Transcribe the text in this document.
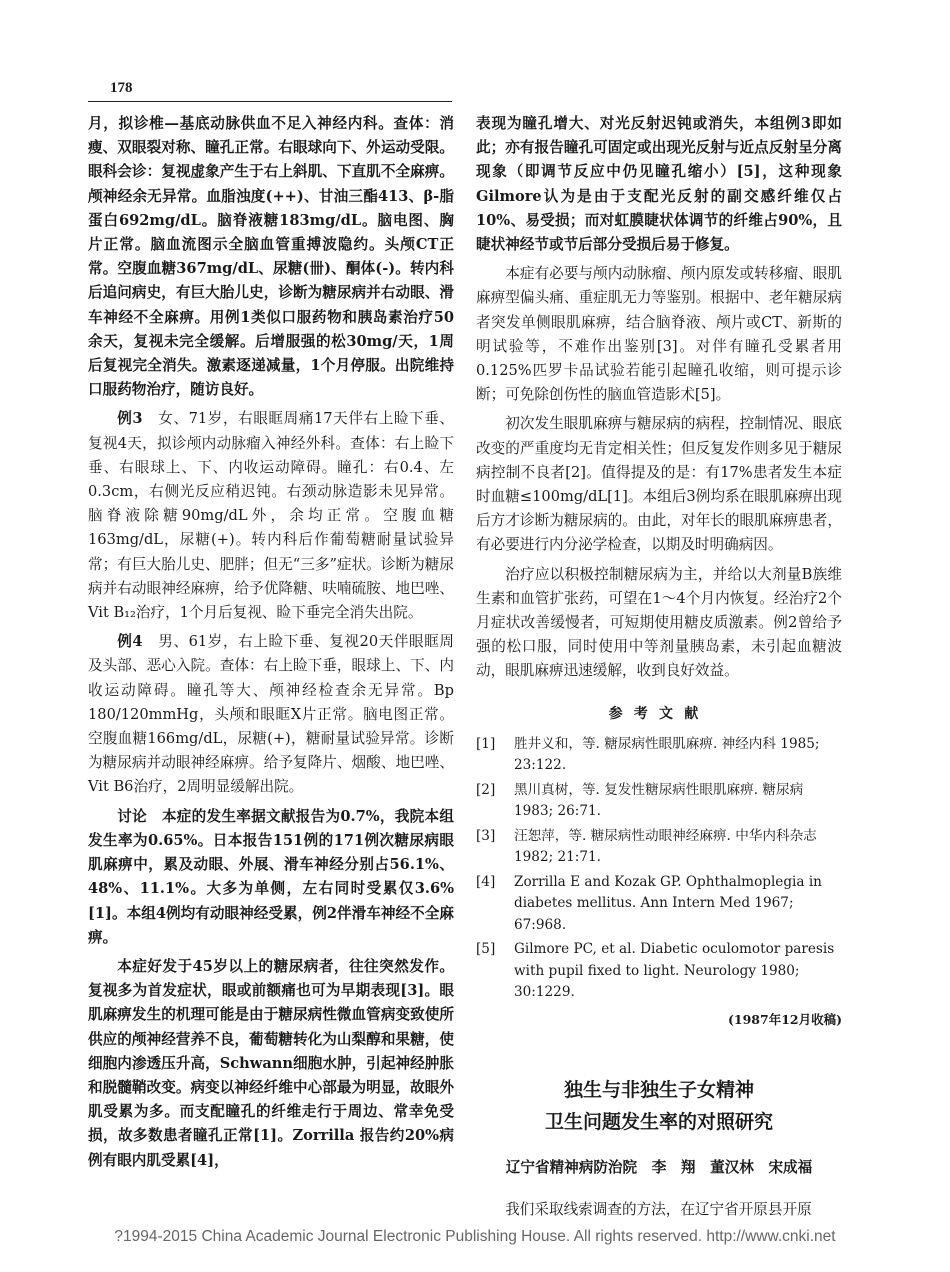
178

月，拟诊椎—基底动脉供血不足入神经内科。查体：消瘦、双眼裂对称、瞳孔正常。右眼球向下、外运动受限。眼科会诊：复视虚象产生于右上斜肌、下直肌不全麻痹。颅神经余无异常。血脂浊度(++)、甘油三酯413、β-脂蛋白692mg/dL。脑脊液糖183mg/dL。脑电图、胸片正常。脑血流图示全脑血管重搏波隐约。头颅CT正常。空腹血糖367mg/dL、尿糖(卌)、酮体(-)。转内科后追问病史，有巨大胎儿史，诊断为糖尿病并右动眼、滑车神经不全麻痹。用例1类似口服药物和胰岛素治疗50余天，复视未完全缓解。后增服强的松30mg/天，1周后复视完全消失。激素逐递减量，1个月停服。出院维持口服药物治疗，随访良好。

例3　 女、71岁，右眼眶周痛17天伴右上睑下垂、复视4天，拟诊颅内动脉瘤入神经外科。查体：右上睑下垂、右眼球上、下、内收运动障碍。瞳孔：右0.4、左0.3cm，右侧光反应稍迟钝。右颈动脉造影未见异常。脑脊液除糖90mg/dL外，余均正常。空腹血糖163mg/dL，尿糖(+)。转内科后作葡萄糖耐量试验异常；有巨大胎儿史、肥胖；但无“三多”症状。诊断为糖尿病并右动眼神经麻痹，给予优降糖、呋喃硫胺、地巴唑、Vit B₁₂治疗，1个月后复视、睑下垂完全消失出院。

例4　 男、61岁，右上睑下垂、复视20天伴眼眶周及头部、恶心入院。查体：右上睑下垂，眼球上、下、内收运动障碍。瞳孔等大、颅神经检查余无异常。Bp 180/120mmHg，头颅和眼眶X片正常。脑电图正常。空腹血糖166mg/dL，尿糖(+)，糖耐量试验异常。诊断为糖尿病并动眼神经麻痹。给予复降片、烟酸、地巴唑、Vit B6治疗，2周明显缓解出院。

讨论　 本症的发生率据文献报告为0.7%，我院本组发生率为0.65%。日本报告151例的171例次糖尿病眼肌麻痹中，累及动眼、外展、滑车神经分别占56.1%、48%、11.1%。大多为单侧，左右同时受累仅3.6%[1]。本组4例均有动眼神经受累，例2伴滑车神经不全麻痹。

本症好发于45岁以上的糖尿病者，往往突然发作。复视多为首发症状，眼或前额痛也可为早期表现[3]。眼肌麻痹发生的机理可能是由于糖尿病性微血管病变致使所供应的颅神经营养不良，葡萄糖转化为山梨醇和果糖，使细胞内渗透压升高，Schwann细胞水肿，引起神经肿胀和脱髓鞘改变。病变以神经纤维中心部最为明显，故眼外肌受累为多。而支配瞳孔的纤维走行于周边、常幸免受损，故多数患者瞳孔正常[1]。Zorrilla 报告约20%病例有眼内肌受累[4]，

表现为瞳孔增大、对光反射迟钝或消失，本组例3即如此；亦有报告瞳孔可固定或出现光反射与近点反射呈分离现象（即调节反应中仍见瞳孔缩小）[5]，这种现象Gilmore认为是由于支配光反射的副交感纤维仅占10%、易受损；而对虹膜睫状体调节的纤维占90%，且睫状神经节或节后部分受损后易于修复。

本症有必要与颅内动脉瘤、颅内原发或转移瘤、眼肌麻痹型偏头痛、重症肌无力等鉴别。根据中、老年糖尿病者突发单侧眼肌麻痹，结合脑脊液、颅片或CT、新斯的明试验等，不难作出鉴别[3]。对伴有瞳孔受累者用0.125%匹罗卡品试验若能引起瞳孔收缩，则可提示诊断；可免除创伤性的脑血管造影术[5]。

初次发生眼肌麻痹与糖尿病的病程，控制情况、眼底改变的严重度均无肯定相关性；但反复发作则多见于糖尿病控制不良者[2]。值得提及的是：有17%患者发生本症时血糖≤100mg/dL[1]。本组后3例均系在眼肌麻痹出现后方才诊断为糖尿病的。由此，对年长的眼肌麻痹患者，有必要进行内分泌学检查，以期及时明确病因。

治疗应以积极控制糖尿病为主，并给以大剂量B族维生素和血管扩张药，可望在1～4个月内恢复。经治疗2个月症状改善缓慢者，可短期使用糖皮质激素。例2曾给予强的松口服，同时使用中等剂量胰岛素，未引起血糖波动，眼肌麻痹迅速缓解，收到良好效益。

参考文献
[1]	胜井义和，等. 糖尿病性眼肌麻痹. 神经内科 1985; 23:122.
[2]	黑川真树，等. 复发性糖尿病性眼肌麻痹. 糖尿病 1983; 26:71.
[3]	汪恕萍，等. 糖尿病性动眼神经麻痹. 中华内科杂志 1982; 21:71.
[4]	Zorrilla E and Kozak GP. Ophthalmoplegia in diabetes mellitus. Ann Intern Med 1967; 67:968.
[5]	Gilmore PC, et al. Diabetic oculomotor paresis with pupil fixed to light. Neurology 1980; 30:1229.
(1987年12月收稿)
独生与非独生子女精神
卫生问题发生率的对照研究
辽宁省精神病防治院　李　翔　董汉林　宋成福

我们采取线索调查的方法，在辽宁省开原县开原

?1994-2015 China Academic Journal Electronic Publishing House. All rights reserved. http://www.cnki.net
